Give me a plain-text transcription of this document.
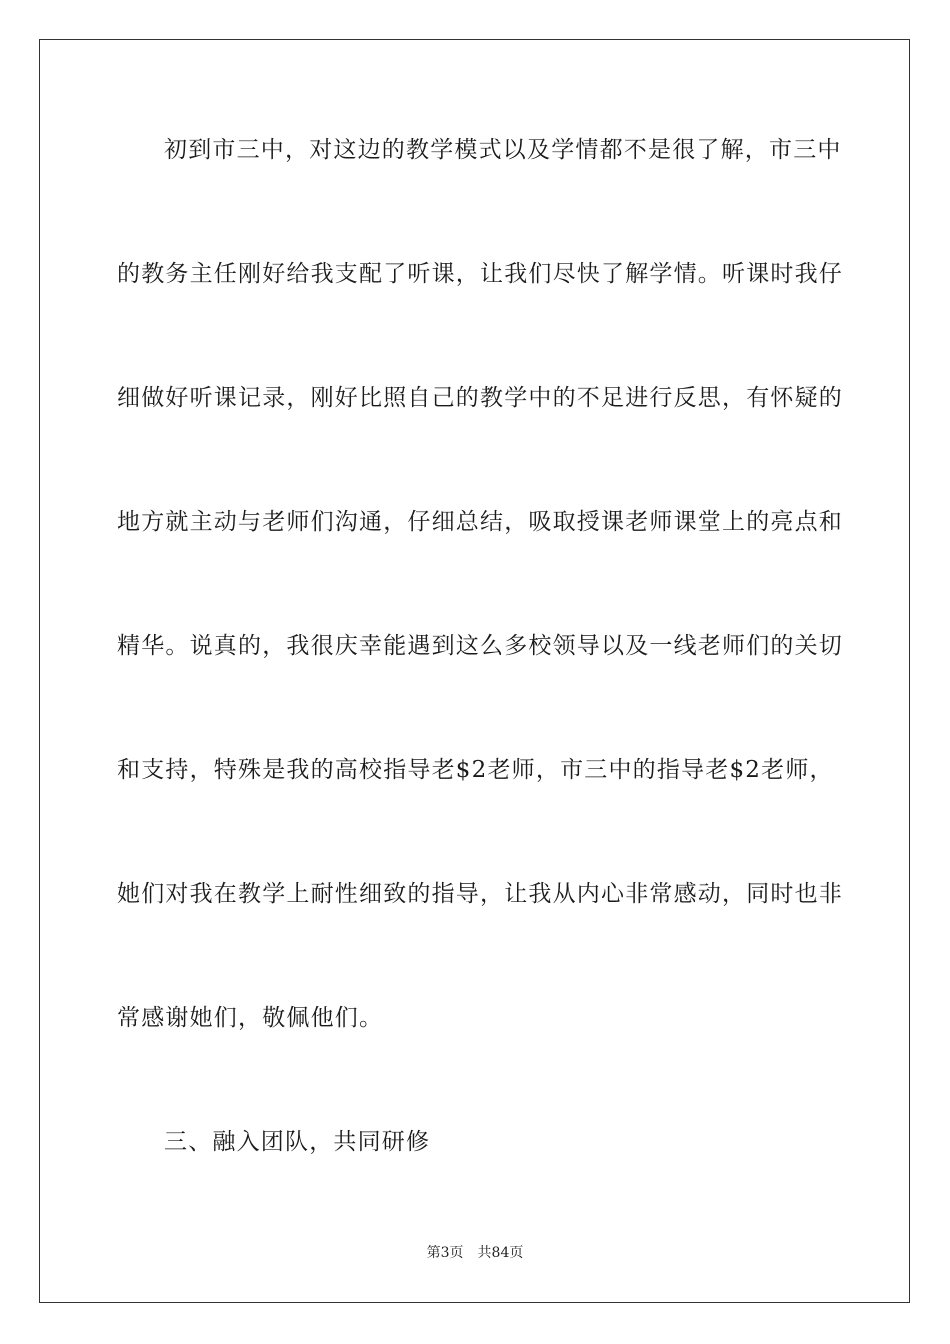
初到市三中，对这边的教学模式以及学情都不是很了解，市三中
的教务主任刚好给我支配了听课，让我们尽快了解学情。听课时我仔
细做好听课记录，刚好比照自己的教学中的不足进行反思，有怀疑的
地方就主动与老师们沟通，仔细总结，吸取授课老师课堂上的亮点和
精华。说真的，我很庆幸能遇到这么多校领导以及一线老师们的关切
和支持，特殊是我的高校指导老$2老师，市三中的指导老$2老师，
她们对我在教学上耐性细致的指导，让我从内心非常感动，同时也非
常感谢她们，敬佩他们。
三、融入团队，共同研修
第3页 共84页
